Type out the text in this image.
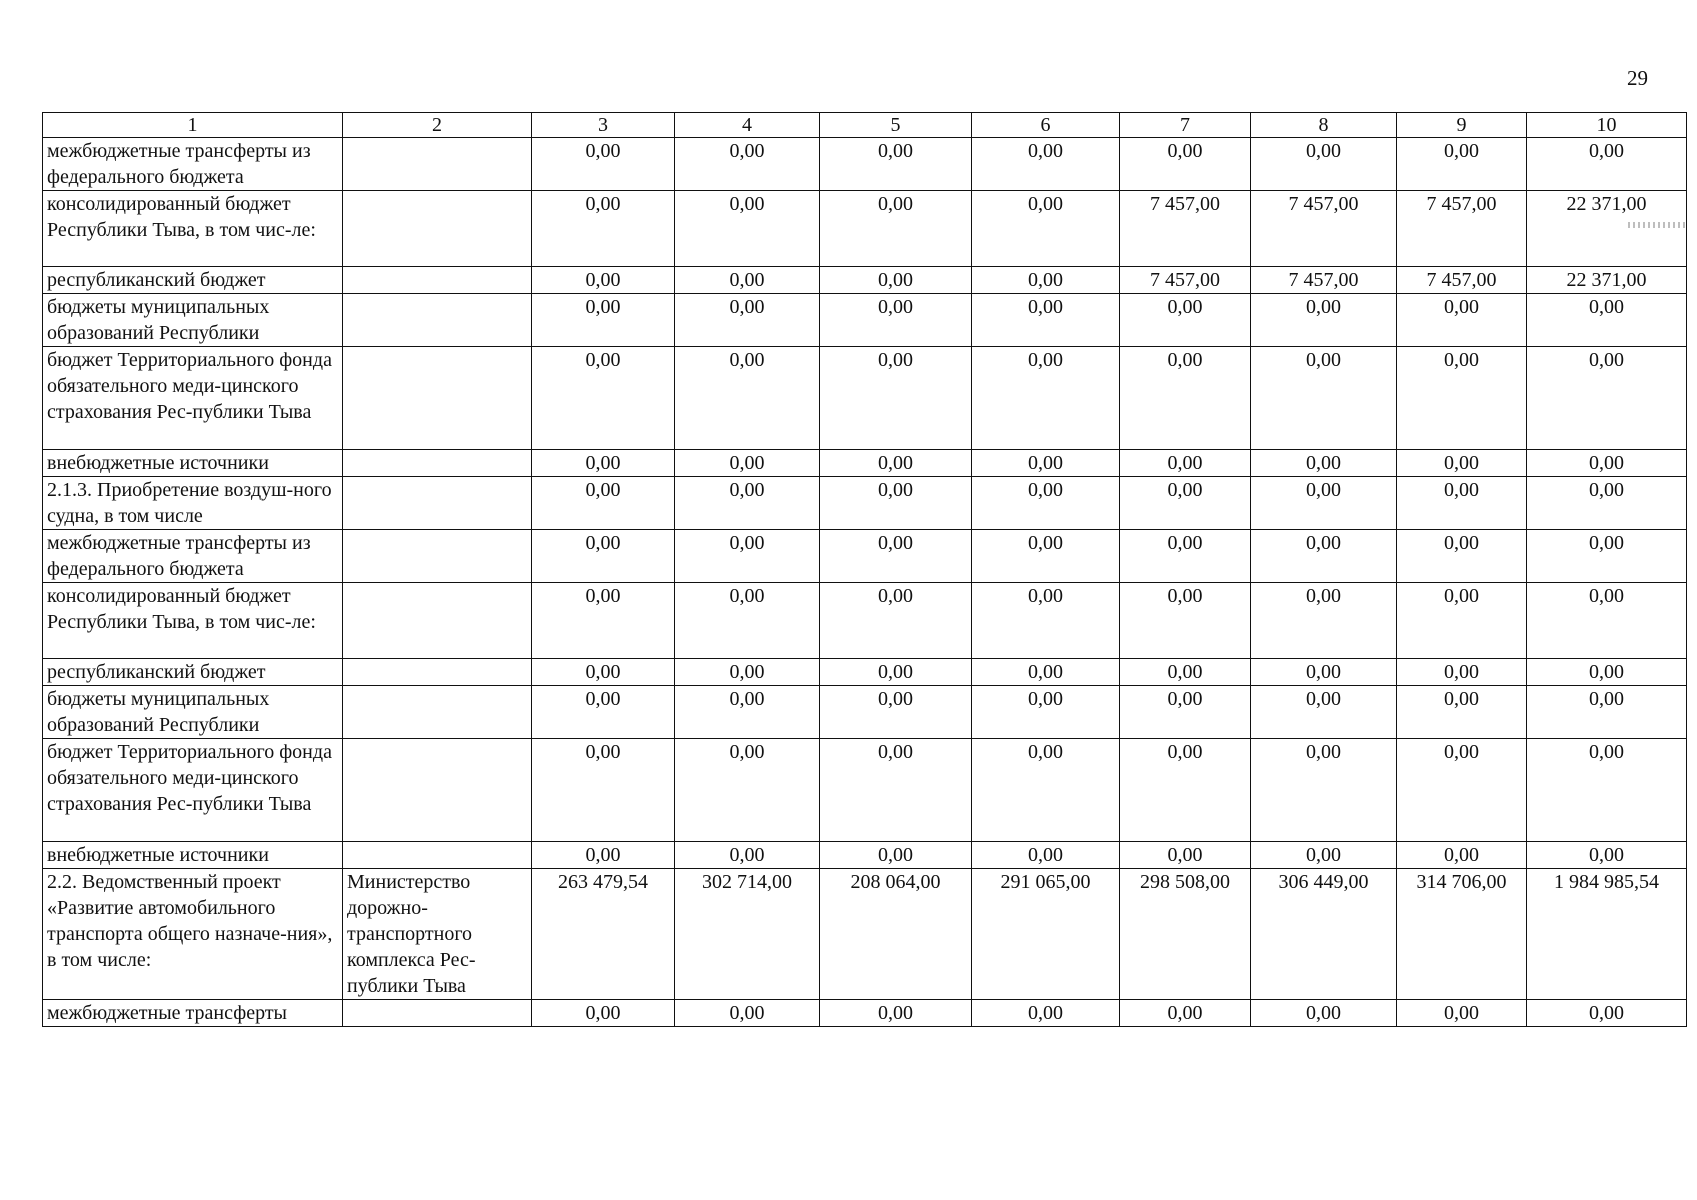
29
1	2	3	4	5	6	7	8	9	10
межбюджетные трансферты из федерального бюджета		0,00	0,00	0,00	0,00	0,00	0,00	0,00	0,00
консолидированный бюджет Республики Тыва, в том чис-ле:		0,00	0,00	0,00	0,00	7 457,00	7 457,00	7 457,00	22 371,00
республиканский бюджет		0,00	0,00	0,00	0,00	7 457,00	7 457,00	7 457,00	22 371,00
бюджеты муниципальных образований Республики		0,00	0,00	0,00	0,00	0,00	0,00	0,00	0,00
бюджет Территориального фонда обязательного меди-цинского страхования Рес-публики Тыва		0,00	0,00	0,00	0,00	0,00	0,00	0,00	0,00
внебюджетные источники		0,00	0,00	0,00	0,00	0,00	0,00	0,00	0,00
2.1.3. Приобретение воздуш-ного судна, в том числе		0,00	0,00	0,00	0,00	0,00	0,00	0,00	0,00
межбюджетные трансферты из федерального бюджета		0,00	0,00	0,00	0,00	0,00	0,00	0,00	0,00
консолидированный бюджет Республики Тыва, в том чис-ле:		0,00	0,00	0,00	0,00	0,00	0,00	0,00	0,00
республиканский бюджет		0,00	0,00	0,00	0,00	0,00	0,00	0,00	0,00
бюджеты муниципальных образований Республики		0,00	0,00	0,00	0,00	0,00	0,00	0,00	0,00
бюджет Территориального фонда обязательного меди-цинского страхования Рес-публики Тыва		0,00	0,00	0,00	0,00	0,00	0,00	0,00	0,00
внебюджетные источники		0,00	0,00	0,00	0,00	0,00	0,00	0,00	0,00
2.2. Ведомственный проект «Развитие автомобильного транспорта общего назначе-ния», в том числе:	Министерство дорожно-транспортного комплекса Рес-публики Тыва	263 479,54	302 714,00	208 064,00	291 065,00	298 508,00	306 449,00	314 706,00	1 984 985,54
межбюджетные трансферты		0,00	0,00	0,00	0,00	0,00	0,00	0,00	0,00
